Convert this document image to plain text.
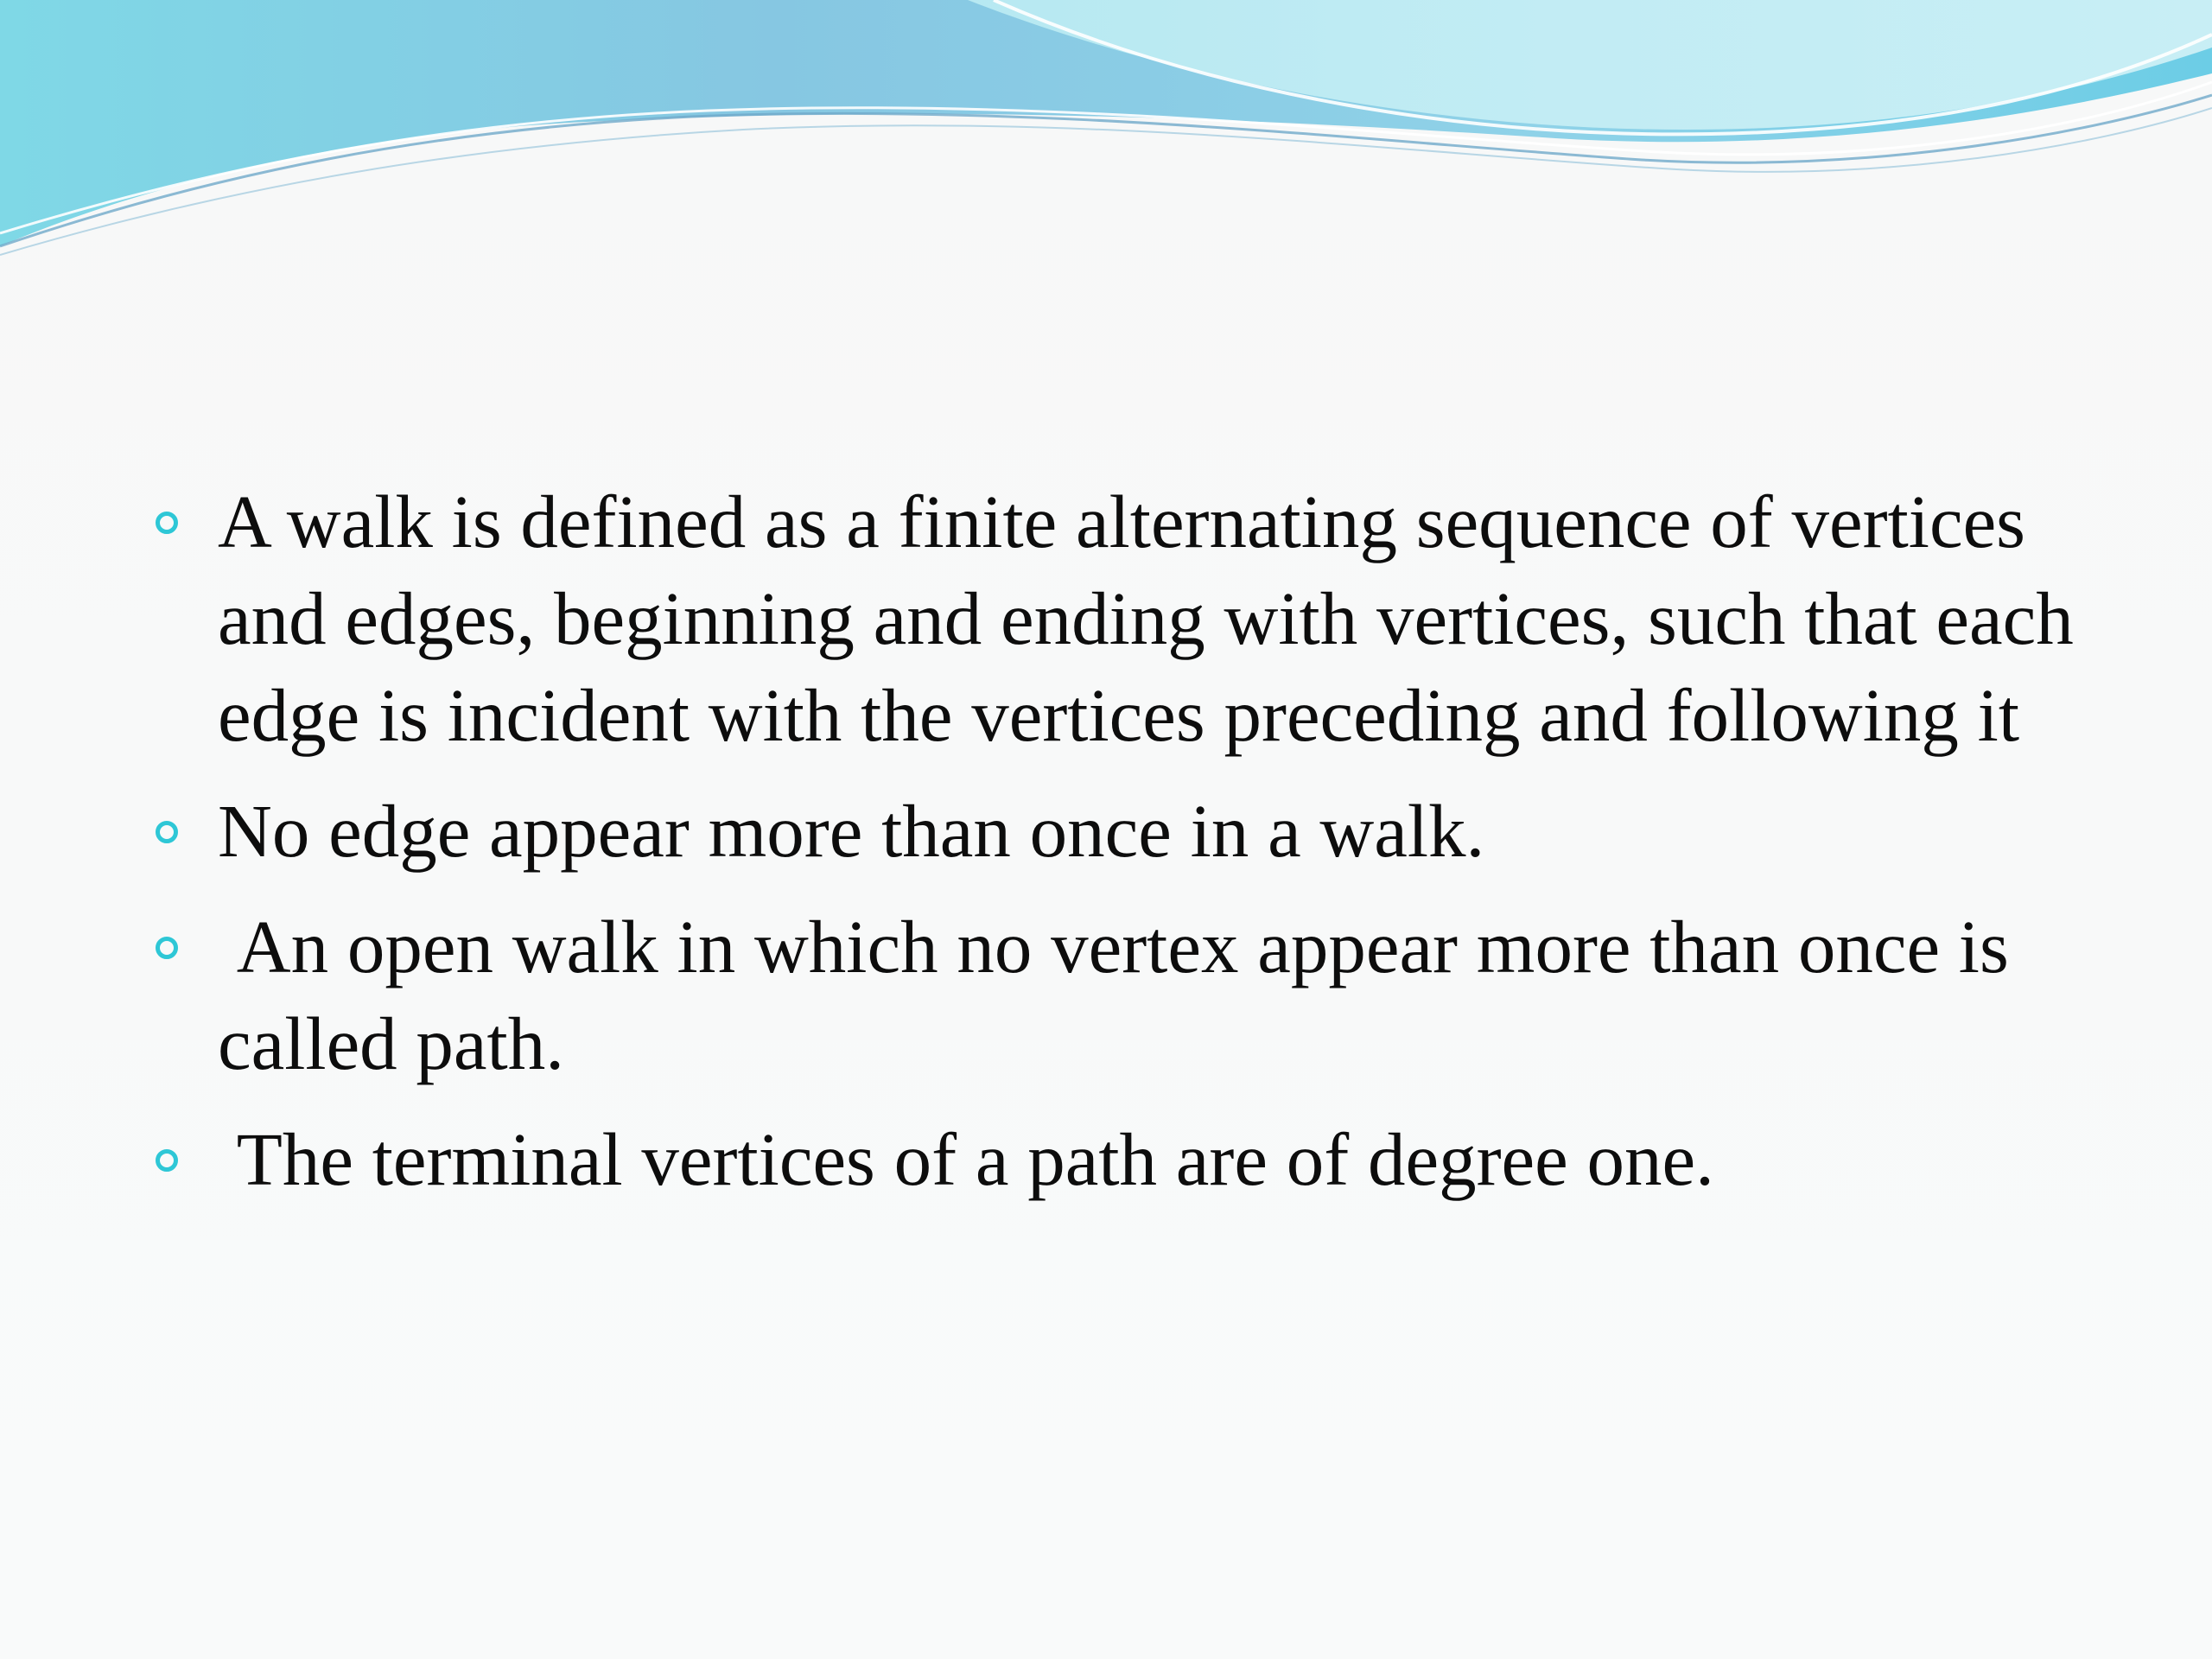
A walk is defined as a finite alternating sequence of vertices and edges, beginning and ending with vertices, such that each edge is incident with the vertices preceding and following it
No edge appear more than once in a walk.
An open walk in which no vertex appear more than once is called path.
The terminal vertices of a path are of degree one.
